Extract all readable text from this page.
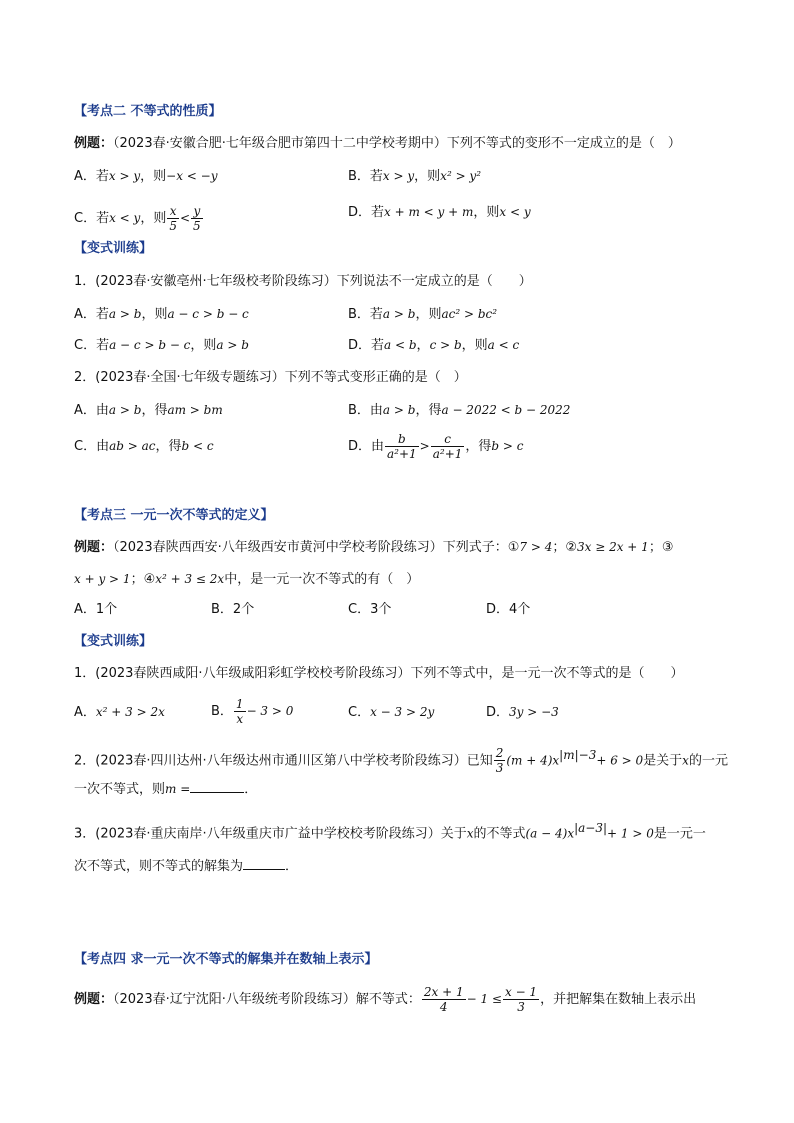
【考点二 不等式的性质】
例题：（2023春·安徽合肥·七年级合肥市第四十二中学校考期中）下列不等式的变形不一定成立的是（　）
A．若x > y，则−x < −y	B．若x > y，则x² > y²
C．若x < y，则 $\frac{x}{5} < \frac{y}{5}$	D．若x + m < y + m，则x < y
【变式训练】
1．(2023春·安徽亳州·七年级校考阶段练习）下列说法不一定成立的是（　　）
A．若a > b，则a − c > b − c	B．若a > b，则ac² > bc²
C．若a − c > b − c，则a > b	D．若a < b，c > b，则a < c
2．(2023春·全国·七年级专题练习）下列不等式变形正确的是（　）
A．由a > b，得am > bm	B．由a > b，得a − 2022 < b − 2022
C．由ab > ac，得b < c	D．由 $\frac{b}{\text{a²+1}} > \frac{c}{\text{a²+1}}$ ，得b > c
【考点三 一元一次不等式的定义】
例题：（2023春陕西西安·八年级西安市黄河中学校考阶段练习）下列式子：①7 > 4；②3x ≥ 2x + 1；③
x + y > 1；④x² + 3 ≤ 2x中，是一元一次不等式的有（　）
A．1个	B．2个	C．3个	D．4个
【变式训练】
1．(2023春陕西咸阳·八年级咸阳彩虹学校校考阶段练习）下列不等式中，是一元一次不等式的是（　　）
A．x² + 3 > 2x	B． $\frac{1}{x} - 3 > 0$	C．x − 3 > 2y	D．3y > −3
2．(2023春·四川达州·八年级达州市通川区第八中学校考阶段练习）已知 $\frac{2}{3} (m + 4)x^{|m|-3}+ 6 > 0$是关于x的一元
一次不等式，则m =	．
3．(2023春·重庆南岸·八年级重庆市广益中学校校考阶段练习）关于x的不等式$(a - 4)x^{|a-3|}+ 1 > 0$是一元一
次不等式，则不等式的解集为	．
【考点四 求一元一次不等式的解集并在数轴上表示】
例题：（2023春·辽宁沈阳·八年级统考阶段练习）解不等式： $\frac{2x + 1}{4} - 1 \le \frac{x - 1}{3}$ ，并把解集在数轴上表示出
